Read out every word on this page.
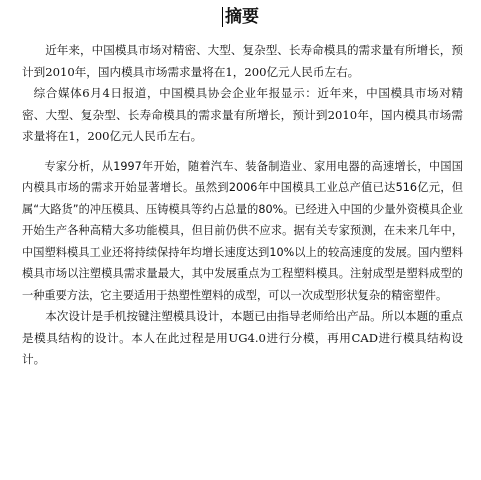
摘要

近年来，中国模具市场对精密、大型、复杂型、长寿命模具的需求量有所增长，预计到2010年，国内模具市场需求量将在1，200亿元人民币左右。

综合媒体6月4日报道，中国模具协会企业年报显示：近年来，中国模具市场对精密、大型、复杂型、长寿命模具的需求量有所增长，预计到2010年，国内模具市场需求量将在1，200亿元人民币左右。

专家分析，从1997年开始，随着汽车、装备制造业、家用电器的高速增长，中国国内模具市场的需求开始显著增长。虽然到2006年中国模具工业总产值已达516亿元，但属“大路货”的冲压模具、压铸模具等约占总量的80%。已经进入中国的少量外资模具企业开始生产各种高精大多功能模具，但目前仍供不应求。据有关专家预测，在未来几年中，中国塑料模具工业还将持续保持年均增长速度达到10%以上的较高速度的发展。国内塑料模具市场以注塑模具需求量最大，其中发展重点为工程塑料模具。注射成型是塑料成型的一种重要方法，它主要适用于热塑性塑料的成型，可以一次成型形状复杂的精密塑件。

本次设计是手机按键注塑模具设计，本题已由指导老师给出产品。所以本题的重点是模具结构的设计。本人在此过程是用UG4.0进行分模，再用CAD进行模具结构设计。
